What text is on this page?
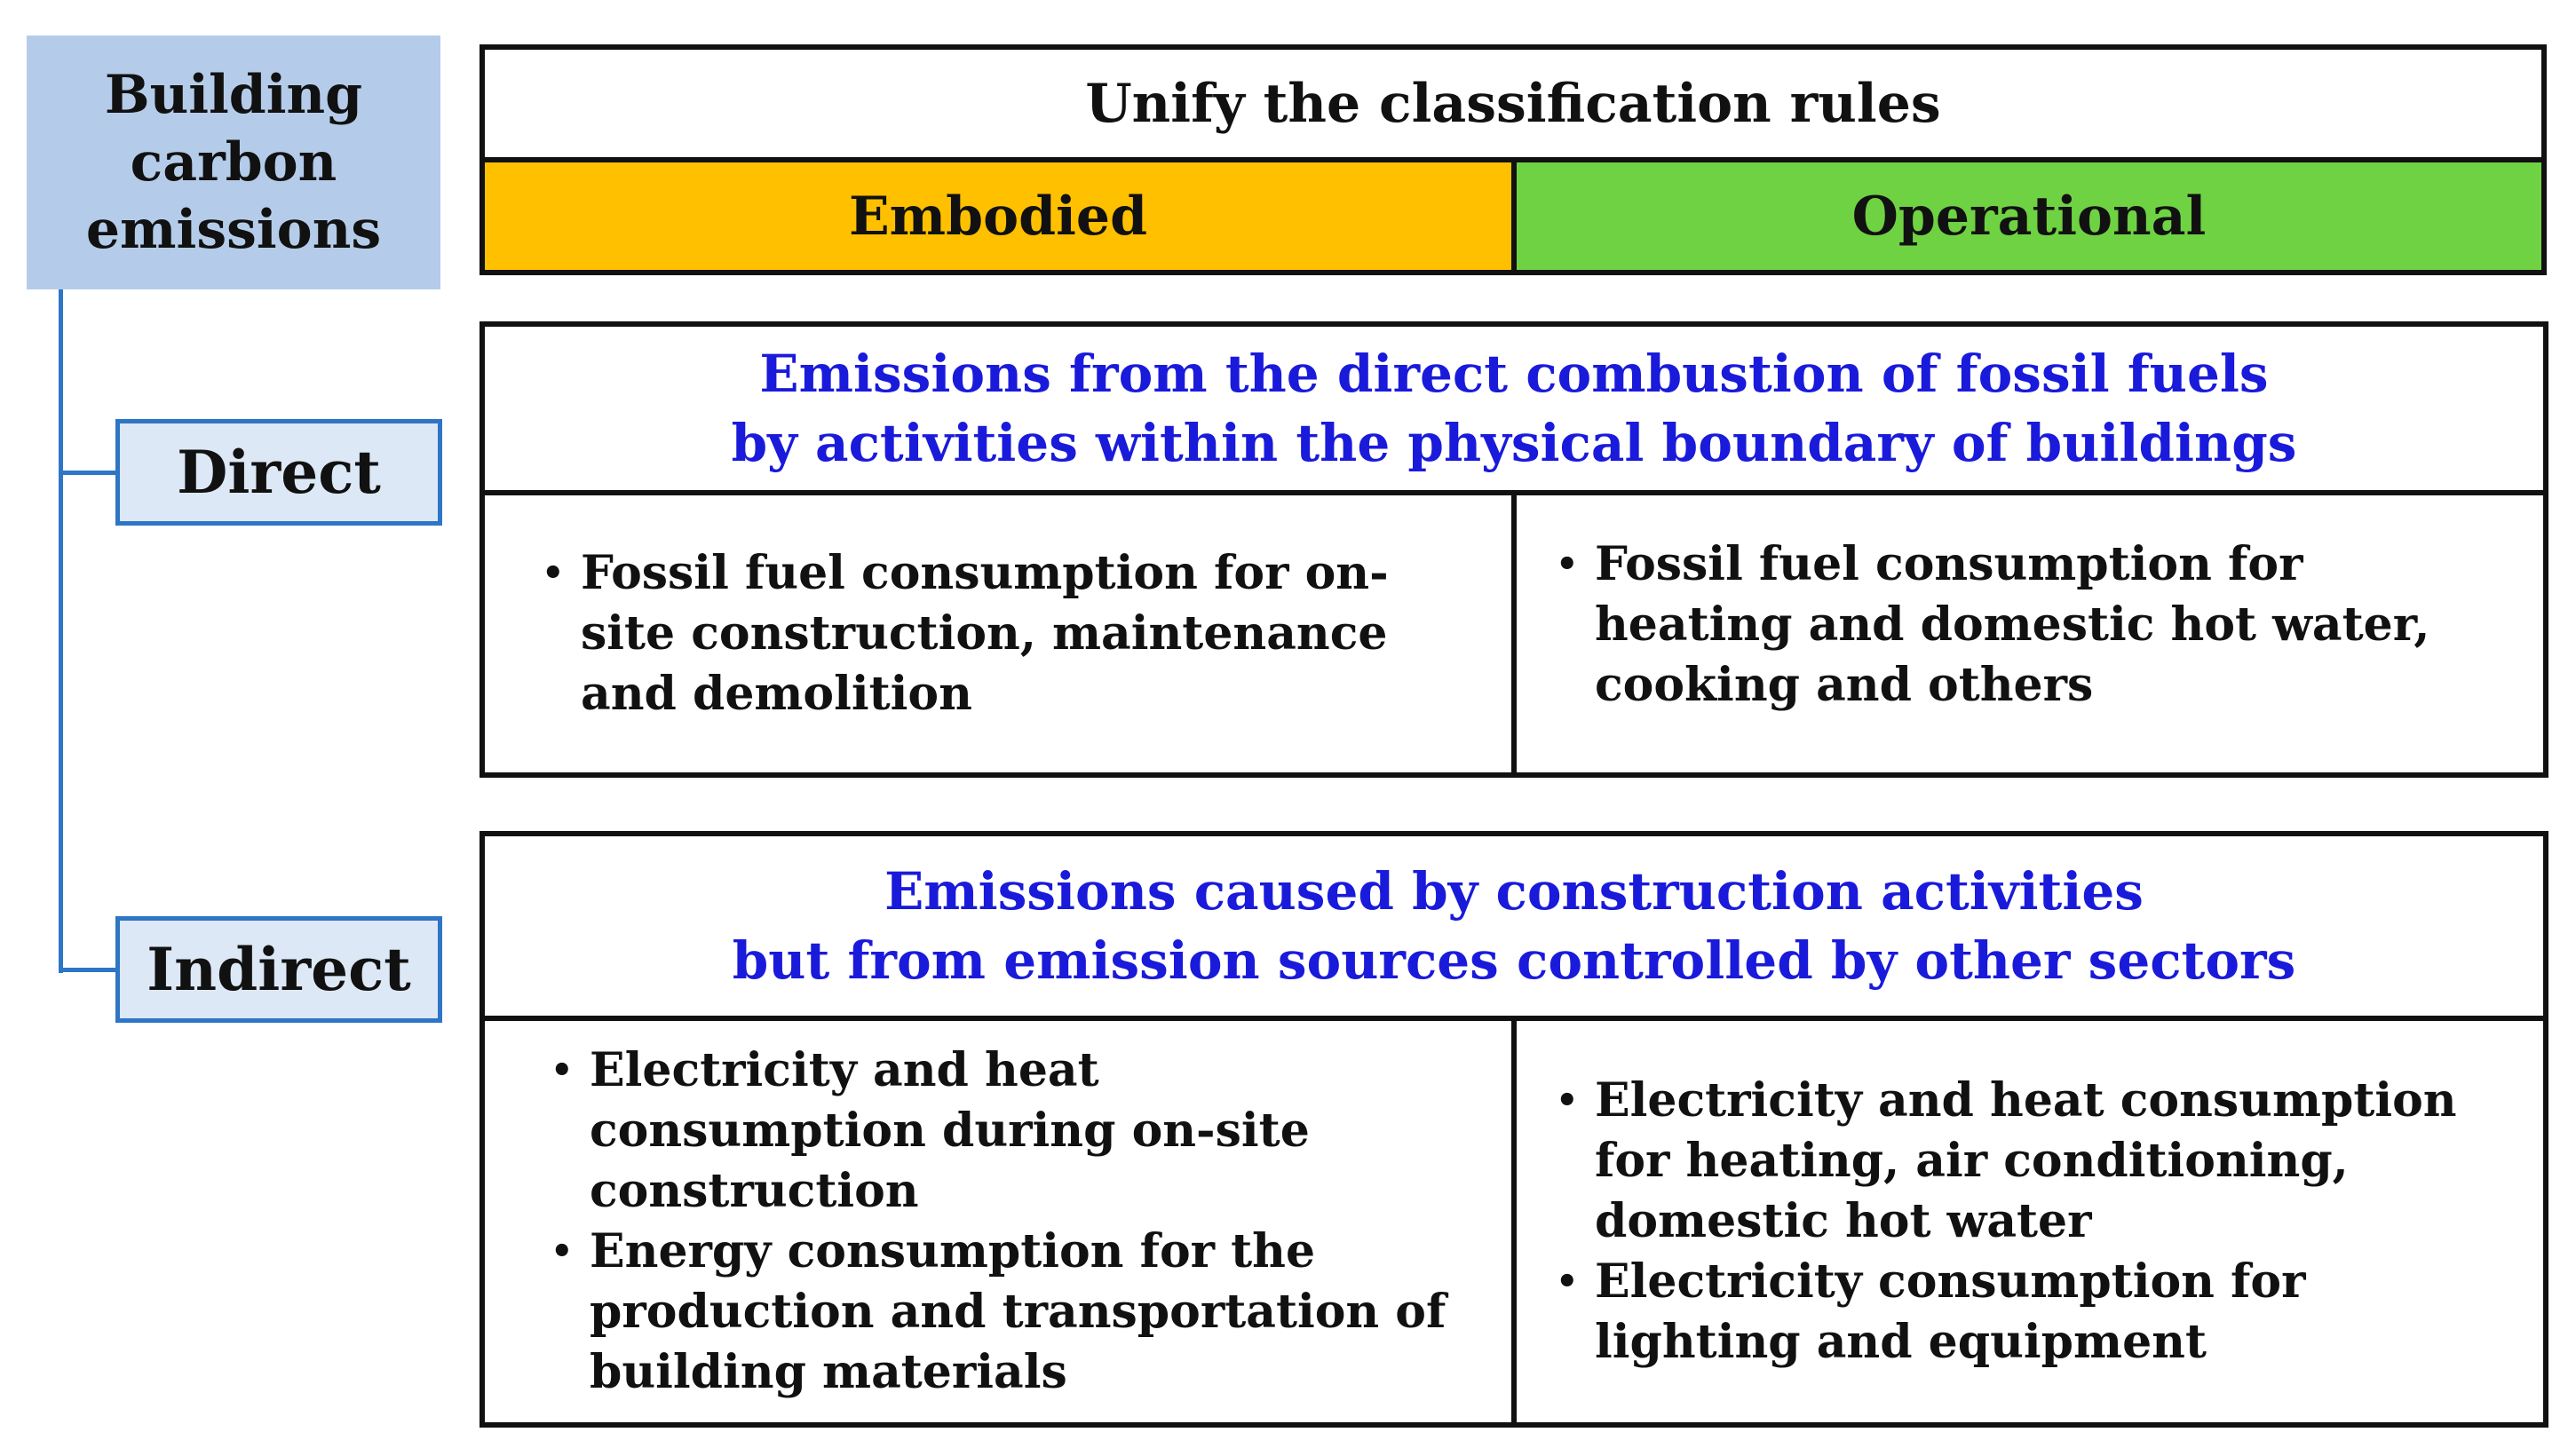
Building
carbon
emissions
Direct
Indirect
Unify the classification rules
Embodied	Operational
Emissions from the direct combustion of fossil fuels
by activities within the physical boundary of buildings
• Fossil fuel consumption for on-site construction, maintenance and demolition
• Fossil fuel consumption for heating and domestic hot water, cooking and others
Emissions caused by construction activities
but from emission sources controlled by other sectors
• Electricity and heat consumption during on-site construction
• Energy consumption for the production and transportation of building materials
• Electricity and heat consumption for heating, air conditioning, domestic hot water
• Electricity consumption for lighting and equipment
